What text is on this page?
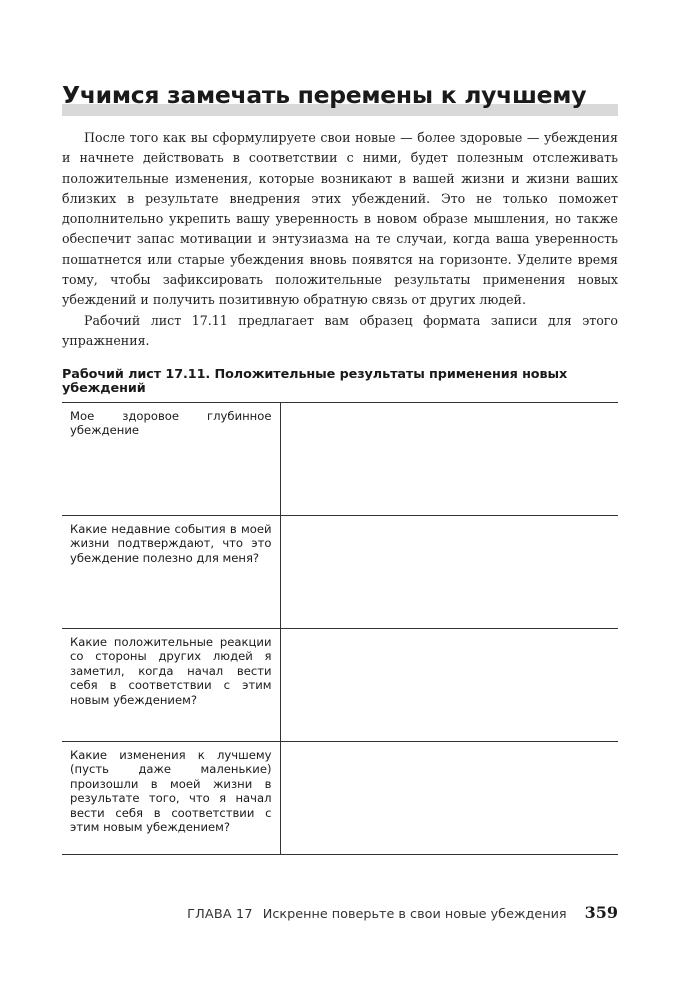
Учимся замечать перемены к лучшему

После того как вы сформулируете свои новые — более здоровые — убеждения и начнете действовать в соответствии с ними, будет полезным отслеживать положительные изменения, которые возникают в вашей жизни и жизни ваших близких в результате внедрения этих убеждений. Это не только поможет дополнительно укрепить вашу уверенность в новом образе мышления, но также обеспечит запас мотивации и энтузиазма на те случаи, когда ваша уверенность пошатнется или старые убеждения вновь появятся на горизонте. Уделите время тому, чтобы зафиксировать положительные результаты применения новых убеждений и получить позитивную обратную связь от других людей.

Рабочий лист 17.11 предлагает вам образец формата записи для этого упражнения.

Рабочий лист 17.11. Положительные результаты применения новых убеждений
Мое здоровое глубинное убеждение	
Какие недавние события в моей жизни подтверждают, что это убеждение полезно для меня?	
Какие положительные реакции со стороны других людей я заметил, когда начал вести себя в соответствии с этим новым убеждением?	
Какие изменения к лучшему (пусть даже маленькие) произошли в моей жизни в результате того, что я начал вести себя в соответствии с этим новым убеждением?	
ГЛАВА 17 Искренне поверьте в свои новые убеждения 359
